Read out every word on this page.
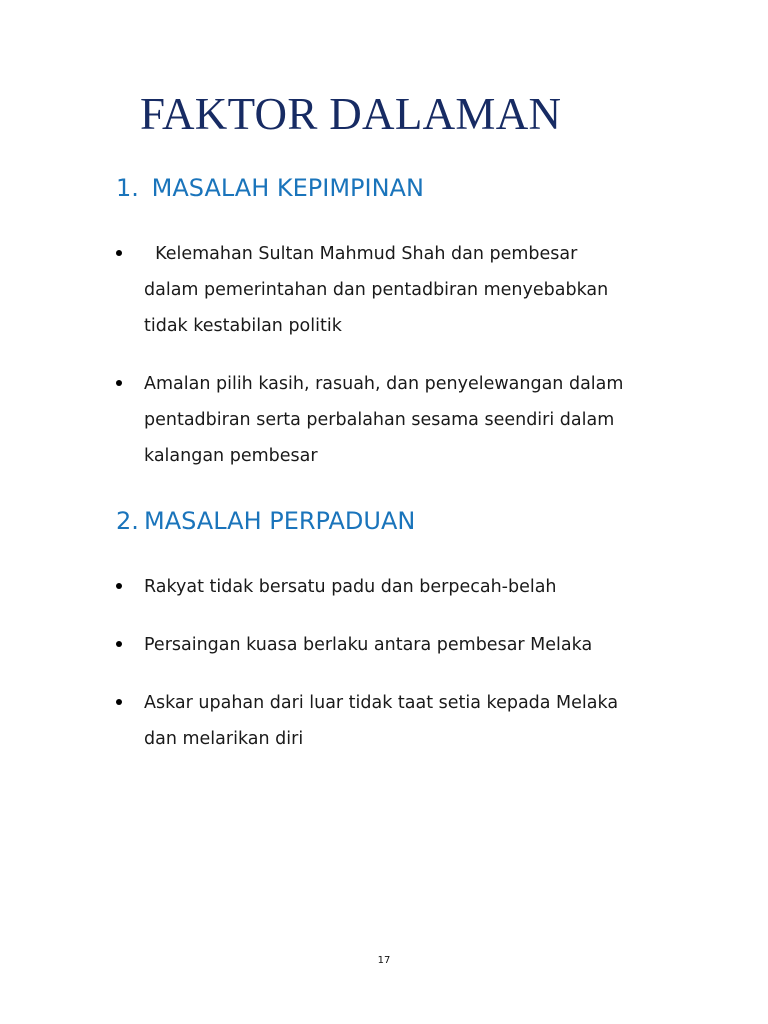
FAKTOR DALAMAN
1. MASALAH KEPIMPINAN
Kelemahan Sultan Mahmud Shah dan pembesar
dalam pemerintahan dan pentadbiran menyebabkan
tidak kestabilan politik
Amalan pilih kasih, rasuah, dan penyelewangan dalam
pentadbiran serta perbalahan sesama seendiri dalam
kalangan pembesar
2. MASALAH PERPADUAN
Rakyat tidak bersatu padu dan berpecah-belah
Persaingan kuasa berlaku antara pembesar Melaka
Askar upahan dari luar tidak taat setia kepada Melaka
dan melarikan diri
17
